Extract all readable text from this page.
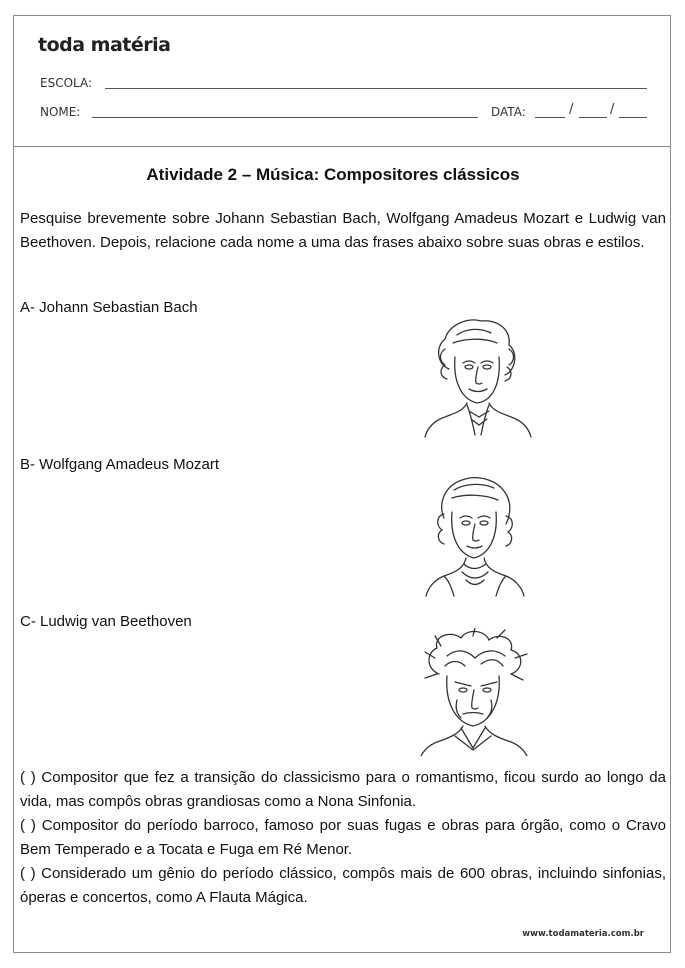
toda matéria
ESCOLA:
NOME:	DATA:	/	/
Atividade 2 – Música: Compositores clássicos
Pesquise brevemente sobre Johann Sebastian Bach, Wolfgang Amadeus Mozart e Ludwig van Beethoven. Depois, relacione cada nome a uma das frases abaixo sobre suas obras e estilos.
A- Johann Sebastian Bach
B- Wolfgang Amadeus Mozart
C- Ludwig van Beethoven

( ) Compositor que fez a transição do classicismo para o romantismo, ficou surdo ao longo da vida, mas compôs obras grandiosas como a Nona Sinfonia.

( ) Compositor do período barroco, famoso por suas fugas e obras para órgão, como o Cravo Bem Temperado e a Tocata e Fuga em Ré Menor.

( ) Considerado um gênio do período clássico, compôs mais de 600 obras, incluindo sinfonias, óperas e concertos, como A Flauta Mágica.

www.todamateria.com.br
